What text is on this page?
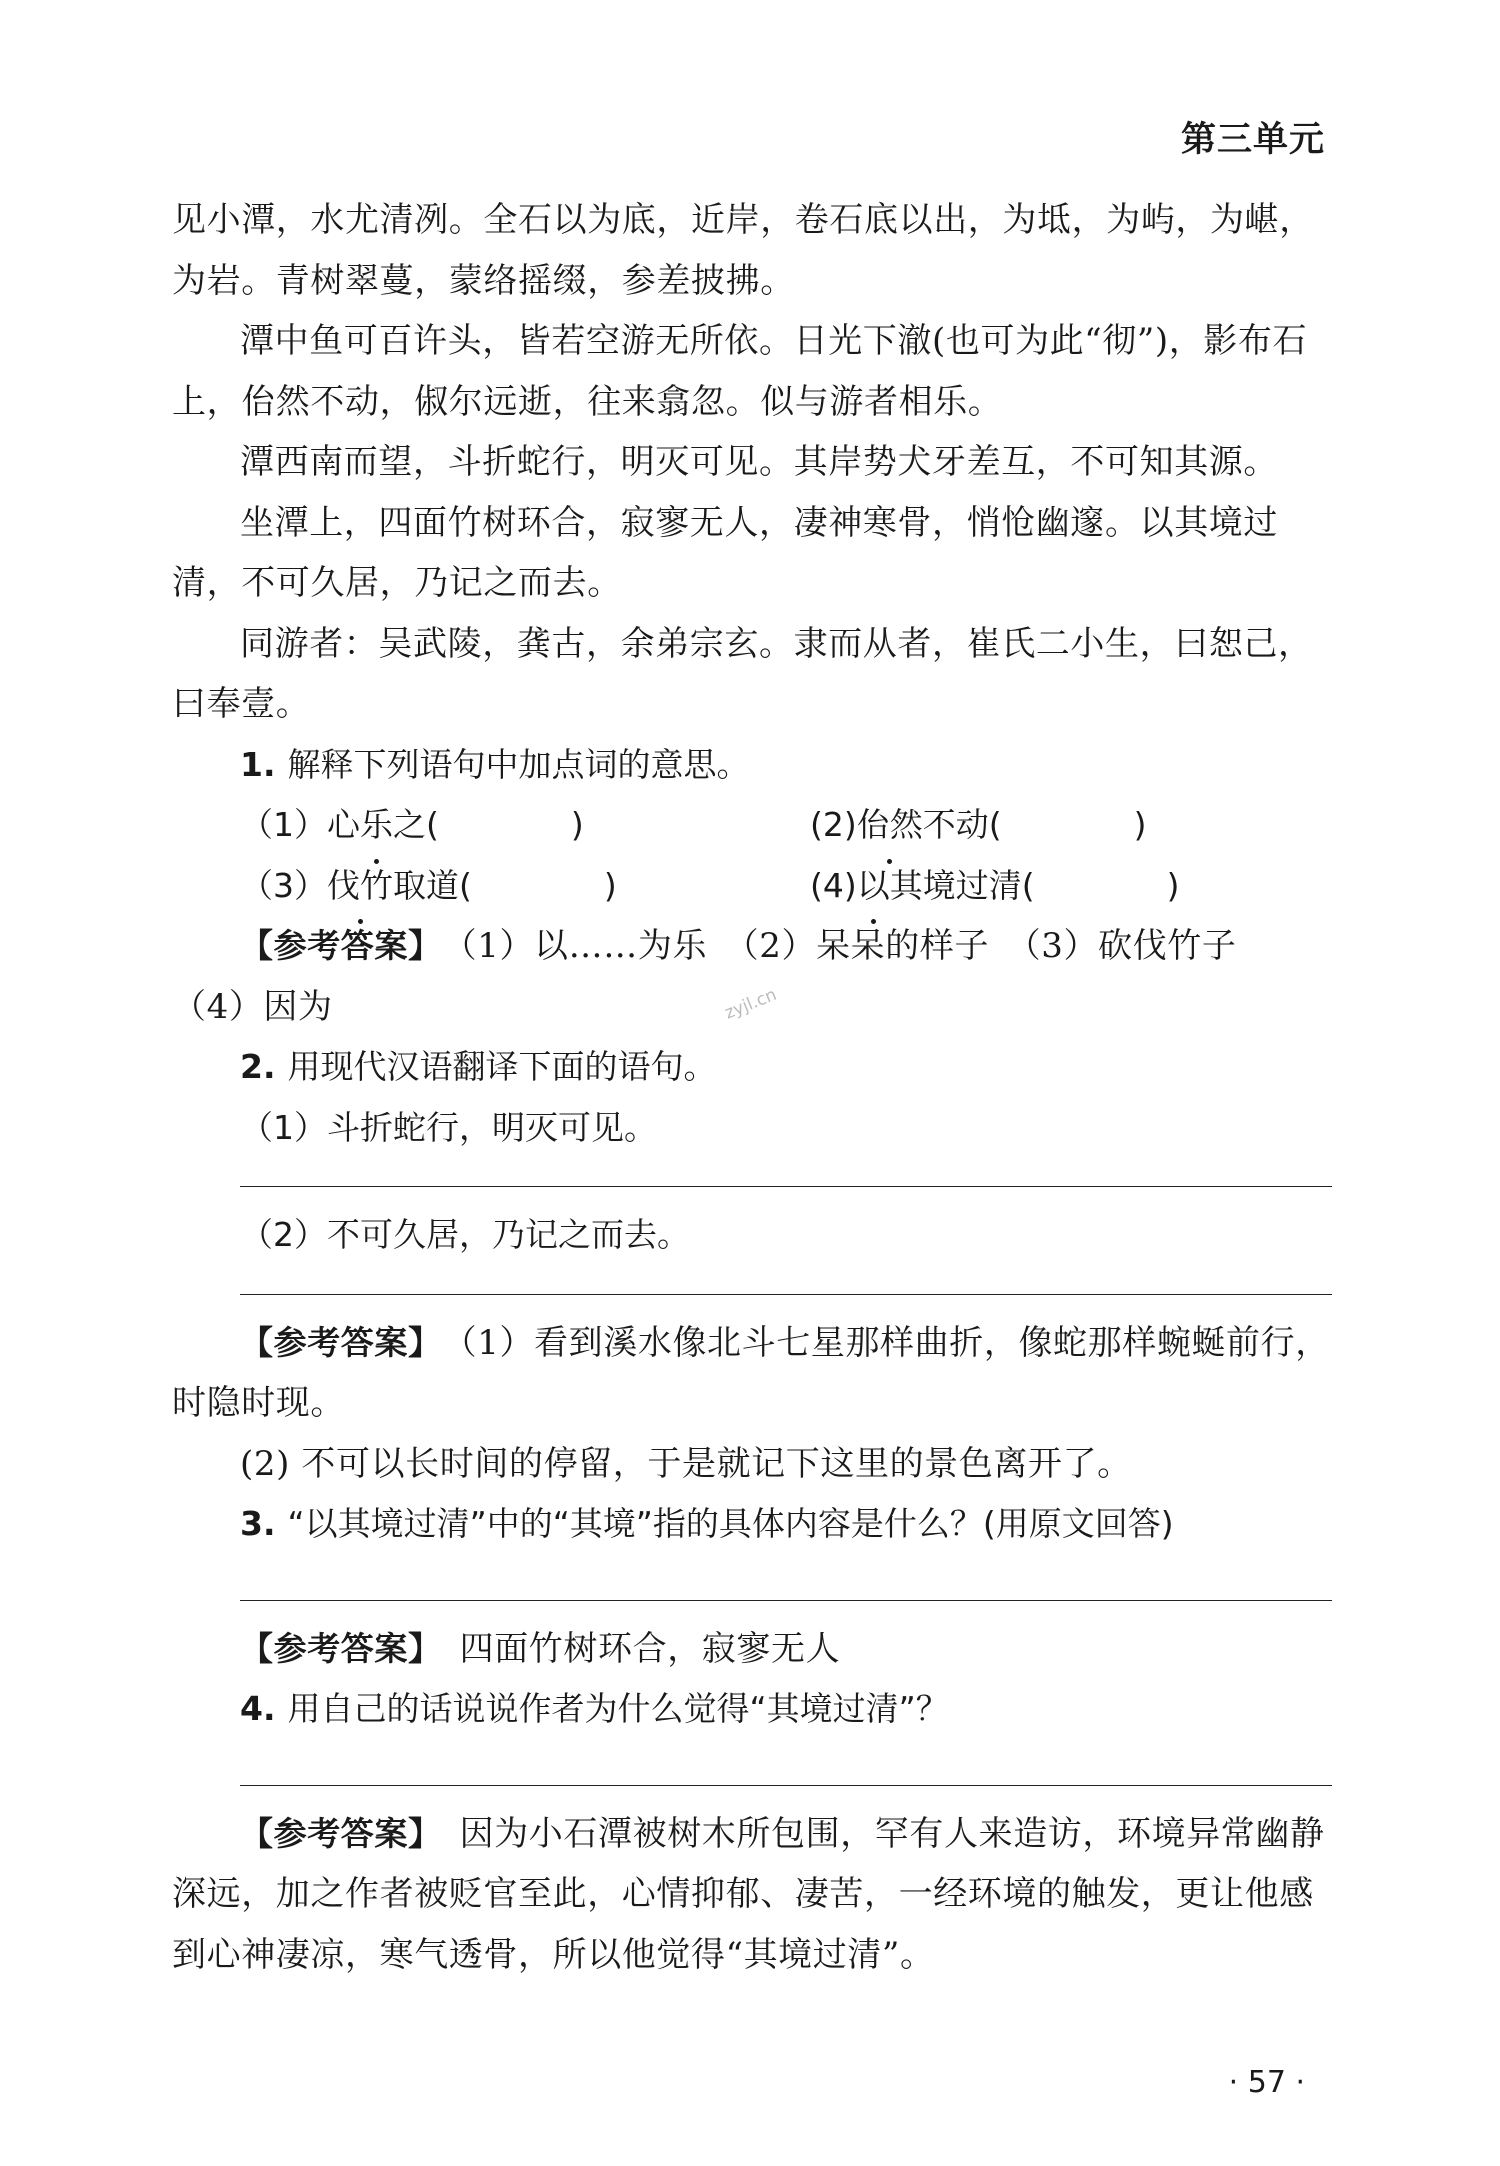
第三单元

见小潭，水尤清冽。全石以为底，近岸，卷石底以出，为坻，为屿，为嵁，为岩。青树翠蔓，蒙络摇缀，参差披拂。

潭中鱼可百许头，皆若空游无所依。日光下澈(也可为此“彻”)，影布石上，佁然不动，俶尔远逝，往来翕忽。似与游者相乐。

潭西南而望，斗折蛇行，明灭可见。其岸势犬牙差互，不可知其源。

坐潭上，四面竹树环合，寂寥无人，凄神寒骨，悄怆幽邃。以其境过清，不可久居，乃记之而去。

同游者：吴武陵，龚古，余弟宗玄。隶而从者，崔氏二小生，曰恕己，曰奉壹。

1. 解释下列语句中加点词的意思。

（1）心乐之(　　　　)	(2)佁然不动(　　　　)
（3）伐竹取道(　　　　)	(4)以其境过清(　　　　)

【参考答案】 （1）以……为乐　（2）呆呆的样子　（3）砍伐竹子

（4）因为

2. 用现代汉语翻译下面的语句。

（1）斗折蛇行，明灭可见。

（2）不可久居，乃记之而去。

【参考答案】 （1）看到溪水像北斗七星那样曲折，像蛇那样蜿蜒前行，时隐时现。

(2) 不可以长时间的停留，于是就记下这里的景色离开了。

3. “以其境过清”中的“其境”指的具体内容是什么？(用原文回答)

【参考答案】 四面竹树环合，寂寥无人

4. 用自己的话说说作者为什么觉得“其境过清”？

【参考答案】 因为小石潭被树木所包围，罕有人来造访，环境异常幽静深远，加之作者被贬官至此，心情抑郁、凄苦，一经环境的触发，更让他感到心神凄凉，寒气透骨，所以他觉得“其境过清”。

zyjl.cn
· 57 ·
